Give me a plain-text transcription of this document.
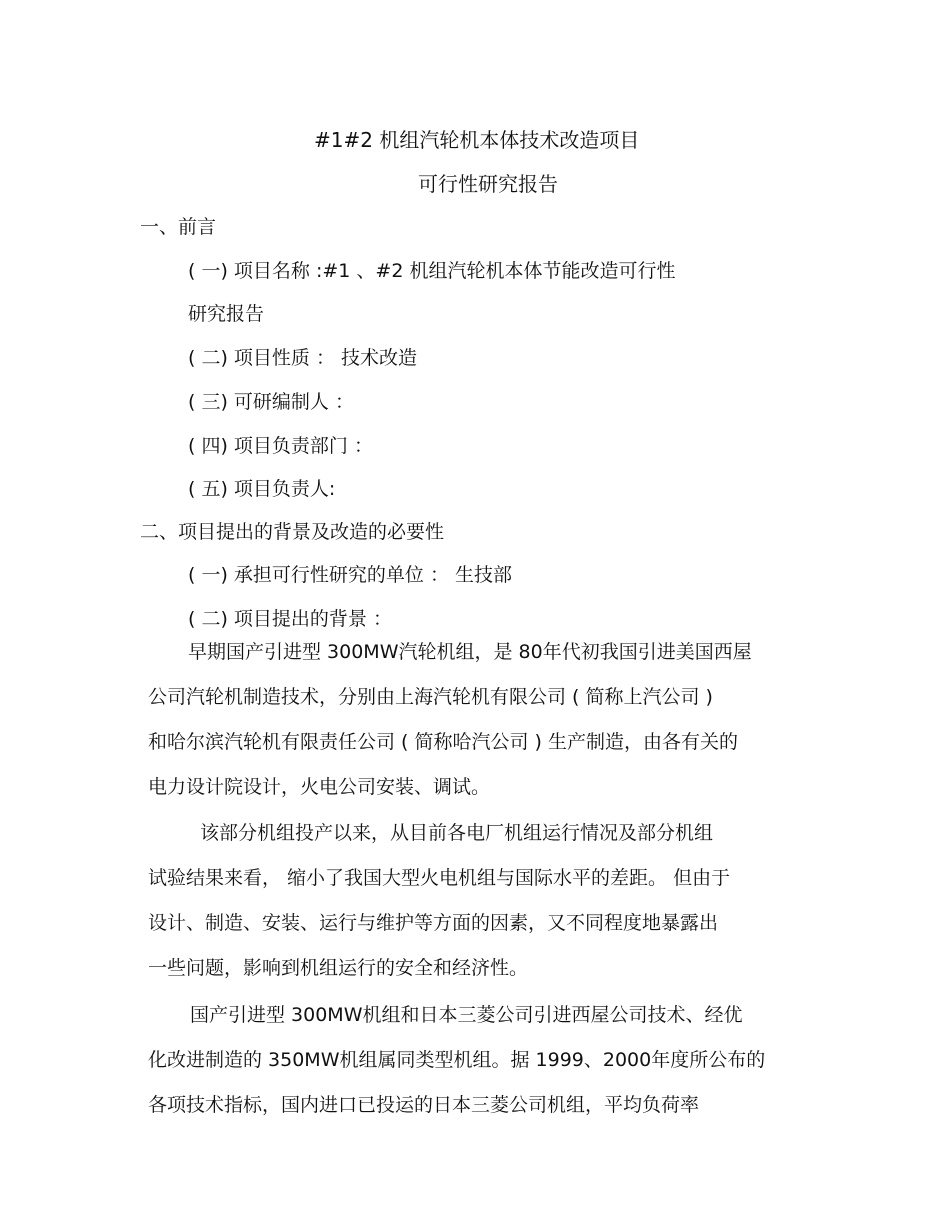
#1#2 机组汽轮机本体技术改造项目
可行性研究报告
一、前言
( 一) 项目名称 :#1 、#2 机组汽轮机本体节能改造可行性
研究报告
( 二) 项目性质 ： 技术改造
( 三) 可研编制人 ：
( 四) 项目负责部门 ：
( 五) 项目负责人:
二、项目提出的背景及改造的必要性
( 一) 承担可行性研究的单位 ： 生技部
( 二) 项目提出的背景 ：
早期国产引进型 300MW汽轮机组，是 80年代初我国引进美国西屋
公司汽轮机制造技术，分别由上海汽轮机有限公司 ( 简称上汽公司 )
和哈尔滨汽轮机有限责任公司 ( 简称哈汽公司 ) 生产制造，由各有关的
电力设计院设计，火电公司安装、调试。
该部分机组投产以来，从目前各电厂机组运行情况及部分机组
试验结果来看， 缩小了我国大型火电机组与国际水平的差距。 但由于
设计、制造、安装、运行与维护等方面的因素，又不同程度地暴露出
一些问题，影响到机组运行的安全和经济性。
国产引进型 300MW机组和日本三菱公司引进西屋公司技术、经优
化改进制造的 350MW机组属同类型机组。据 1999、2000年度所公布的
各项技术指标，国内进口已投运的日本三菱公司机组，平均负荷率
